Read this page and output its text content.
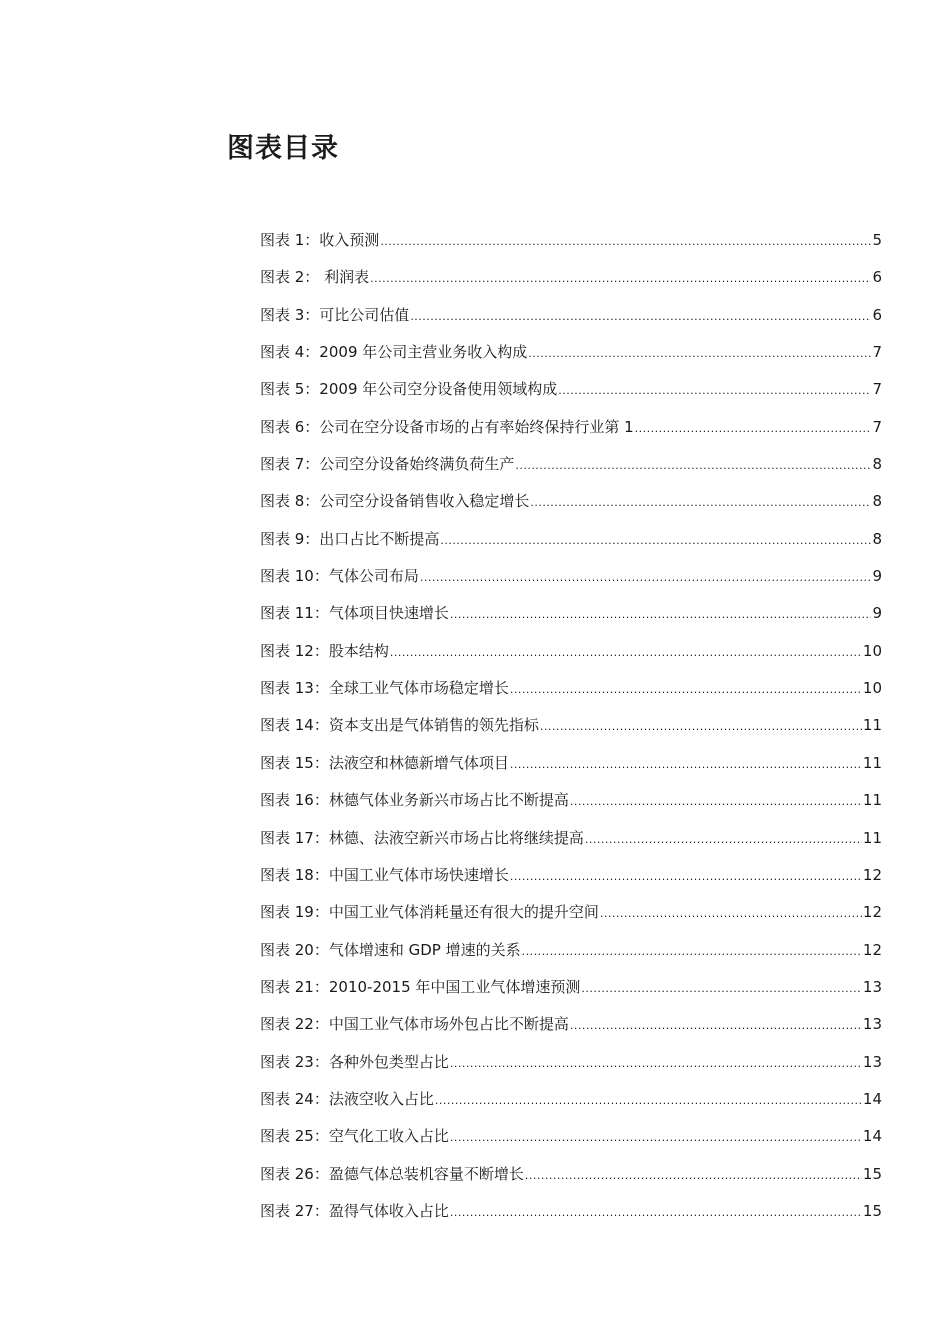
图表目录
图表 1：收入预测 .....	5
图表 2： 利润表 .....	6
图表 3：可比公司估值 .....	6
图表 4：2009 年公司主营业务收入构成 .....	7
图表 5：2009 年公司空分设备使用领域构成 .....	7
图表 6：公司在空分设备市场的占有率始终保持行业第 1 .....	7
图表 7：公司空分设备始终满负荷生产 .....	8
图表 8：公司空分设备销售收入稳定增长 .....	8
图表 9：出口占比不断提高 .....	8
图表 10：气体公司布局 .....	9
图表 11：气体项目快速增长 .....	9
图表 12：股本结构 .....	10
图表 13：全球工业气体市场稳定增长 .....	10
图表 14：资本支出是气体销售的领先指标 .....	11
图表 15：法液空和林德新增气体项目 .....	11
图表 16：林德气体业务新兴市场占比不断提高 .....	11
图表 17：林德、法液空新兴市场占比将继续提高 .....	11
图表 18：中国工业气体市场快速增长 .....	12
图表 19：中国工业气体消耗量还有很大的提升空间 .....	12
图表 20：气体增速和 GDP 增速的关系 .....	12
图表 21：2010-2015 年中国工业气体增速预测 .....	13
图表 22：中国工业气体市场外包占比不断提高 .....	13
图表 23：各种外包类型占比 .....	13
图表 24：法液空收入占比 .....	14
图表 25：空气化工收入占比 .....	14
图表 26：盈德气体总装机容量不断增长 .....	15
图表 27：盈得气体收入占比 .....	15
